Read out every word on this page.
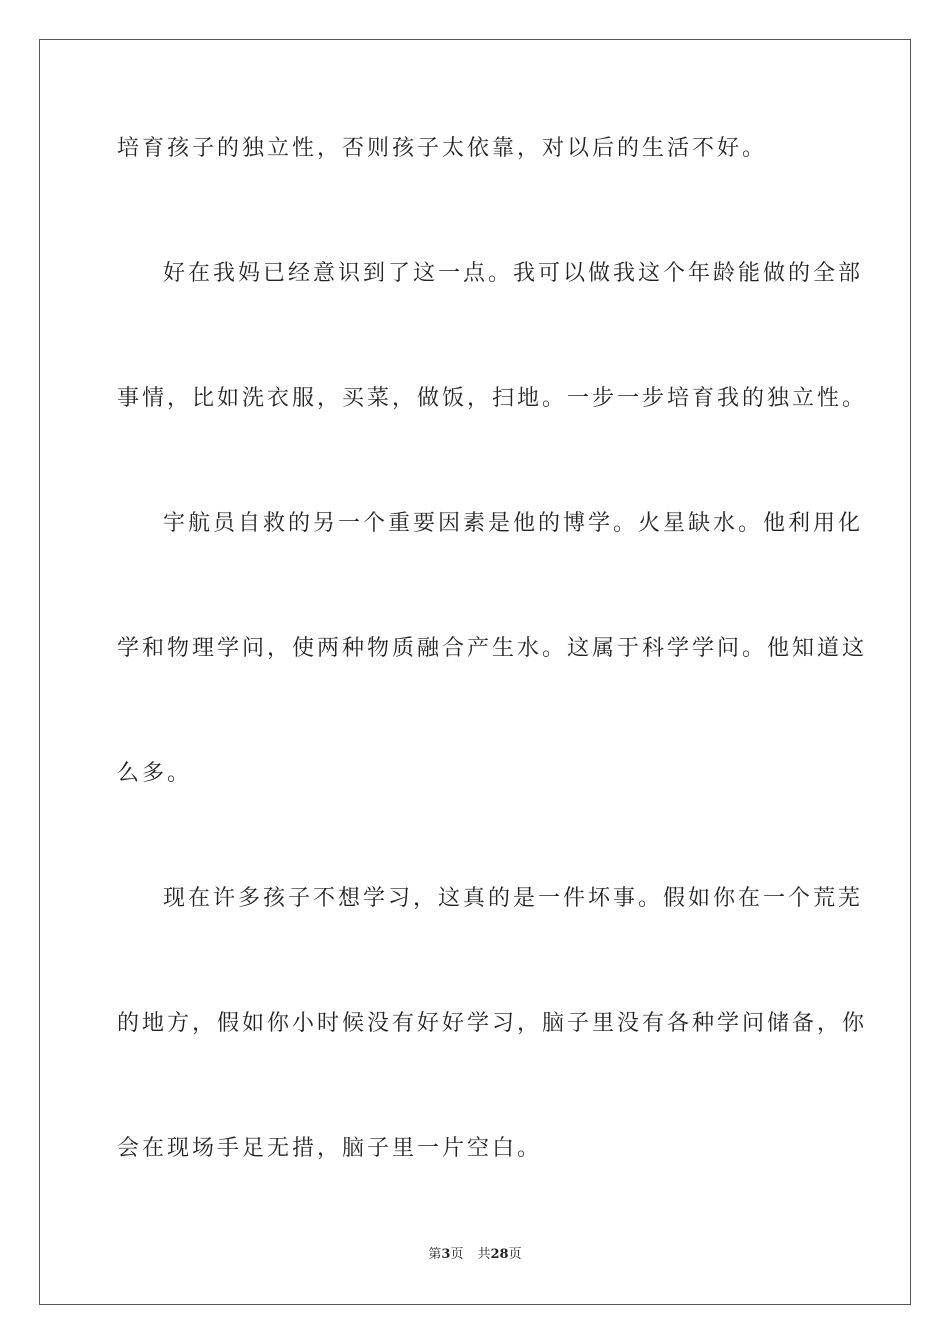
培育孩子的独立性，否则孩子太依靠，对以后的生活不好。
好在我妈已经意识到了这一点。我可以做我这个年龄能做的全部
事情，比如洗衣服，买菜，做饭，扫地。一步一步培育我的独立性。
宇航员自救的另一个重要因素是他的博学。火星缺水。他利用化
学和物理学问，使两种物质融合产生水。这属于科学学问。他知道这
么多。
现在许多孩子不想学习，这真的是一件坏事。假如你在一个荒芜
的地方，假如你小时候没有好好学习，脑子里没有各种学问储备，你
会在现场手足无措，脑子里一片空白。
第3页 共28页
